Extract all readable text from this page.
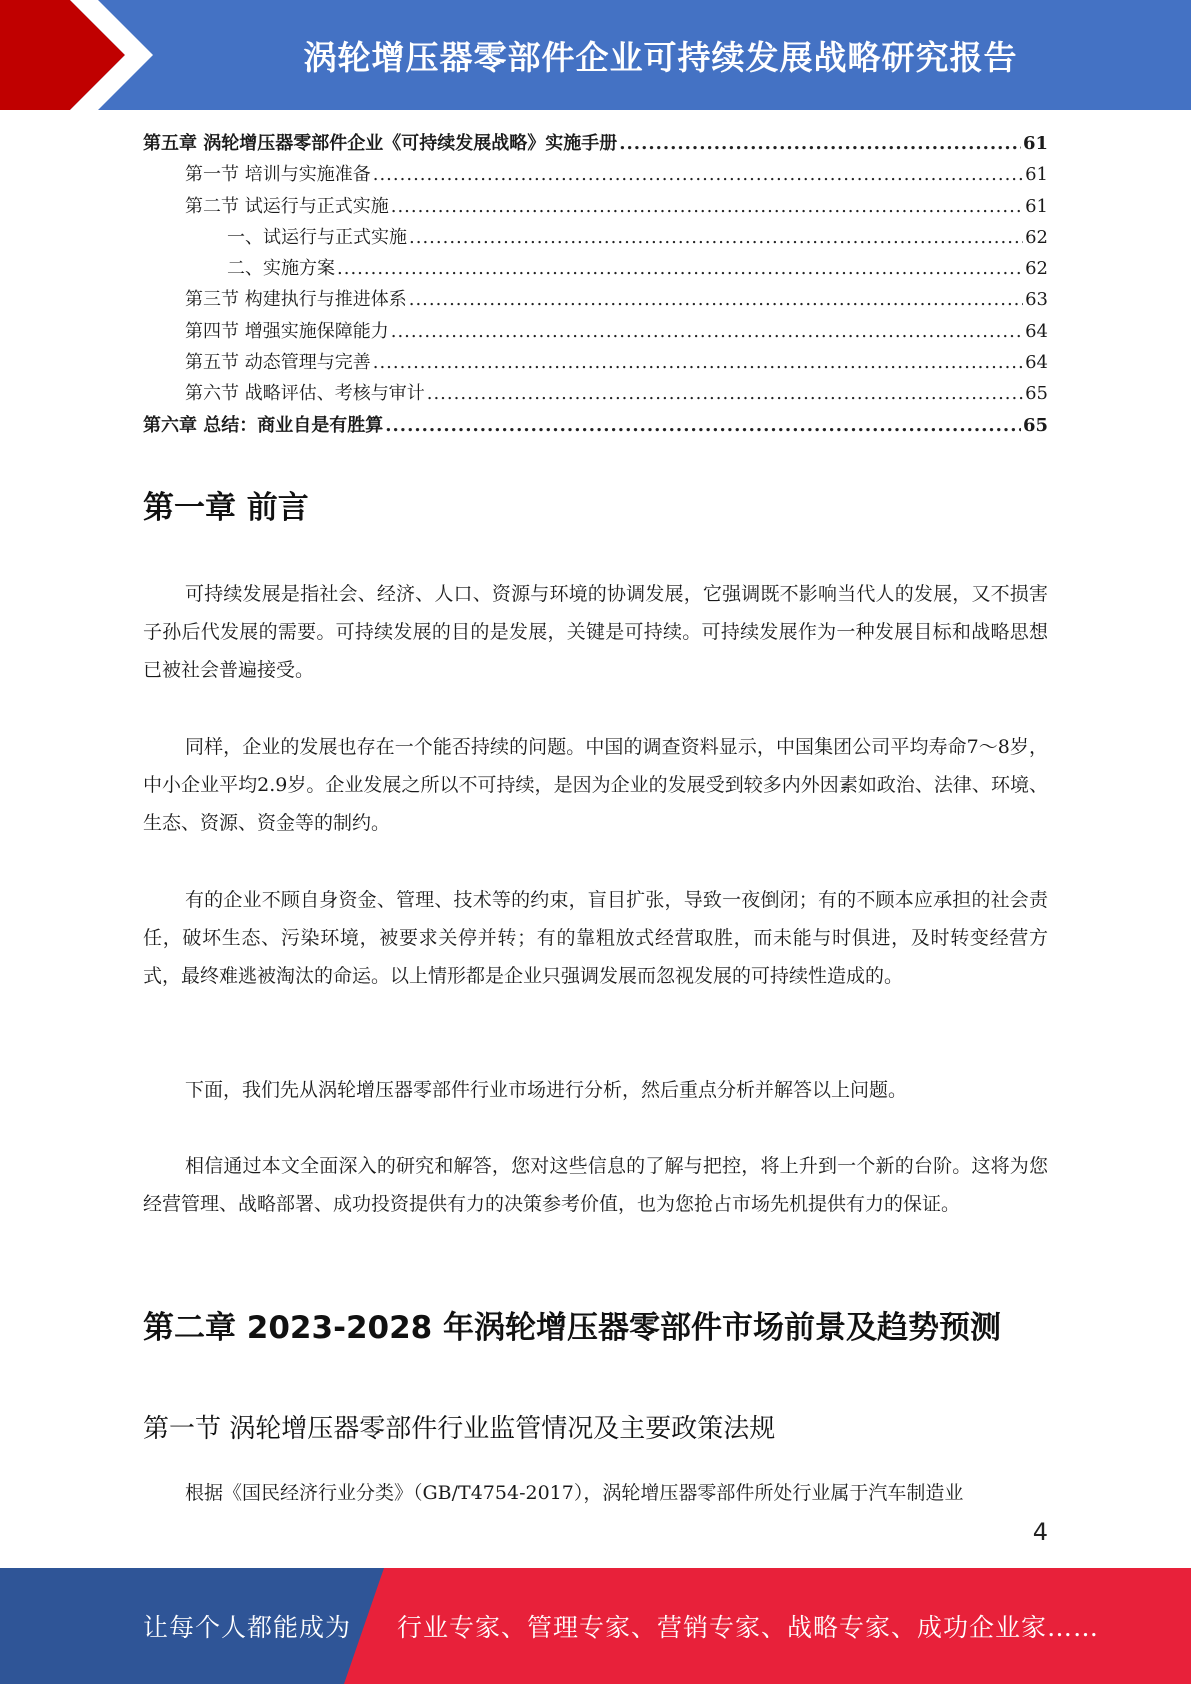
涡轮增压器零部件企业可持续发展战略研究报告
第五章 涡轮增压器零部件企业《可持续发展战略》实施手册 .....	61
第一节 培训与实施准备 .....	61
第二节 试运行与正式实施 .....	61
一、试运行与正式实施 .....	62
二、实施方案 .....	62
第三节 构建执行与推进体系 .....	63
第四节 增强实施保障能力 .....	64
第五节 动态管理与完善 .....	64
第六节 战略评估、考核与审计 .....	65
第六章 总结：商业自是有胜算 .....	65
第一章 前言

可持续发展是指社会、经济、人口、资源与环境的协调发展，它强调既不影响当代人的发展，又不损害子孙后代发展的需要。可持续发展的目的是发展，关键是可持续。可持续发展作为一种发展目标和战略思想已被社会普遍接受。

同样，企业的发展也存在一个能否持续的问题。中国的调查资料显示，中国集团公司平均寿命7～8岁，中小企业平均2.9岁。企业发展之所以不可持续，是因为企业的发展受到较多内外因素如政治、法律、环境、生态、资源、资金等的制约。

有的企业不顾自身资金、管理、技术等的约束，盲目扩张，导致一夜倒闭；有的不顾本应承担的社会责任，破坏生态、污染环境，被要求关停并转；有的靠粗放式经营取胜，而未能与时俱进，及时转变经营方式，最终难逃被淘汰的命运。以上情形都是企业只强调发展而忽视发展的可持续性造成的。

下面，我们先从涡轮增压器零部件行业市场进行分析，然后重点分析并解答以上问题。

相信通过本文全面深入的研究和解答，您对这些信息的了解与把控，将上升到一个新的台阶。这将为您经营管理、战略部署、成功投资提供有力的决策参考价值，也为您抢占市场先机提供有力的保证。

第二章 2023-2028 年涡轮增压器零部件市场前景及趋势预测
第一节 涡轮增压器零部件行业监管情况及主要政策法规

根据《国民经济行业分类》（GB/T4754-2017），涡轮增压器零部件所处行业属于汽车制造业

4
让每个人都能成为 行业专家、管理专家、营销专家、战略专家、成功企业家……
